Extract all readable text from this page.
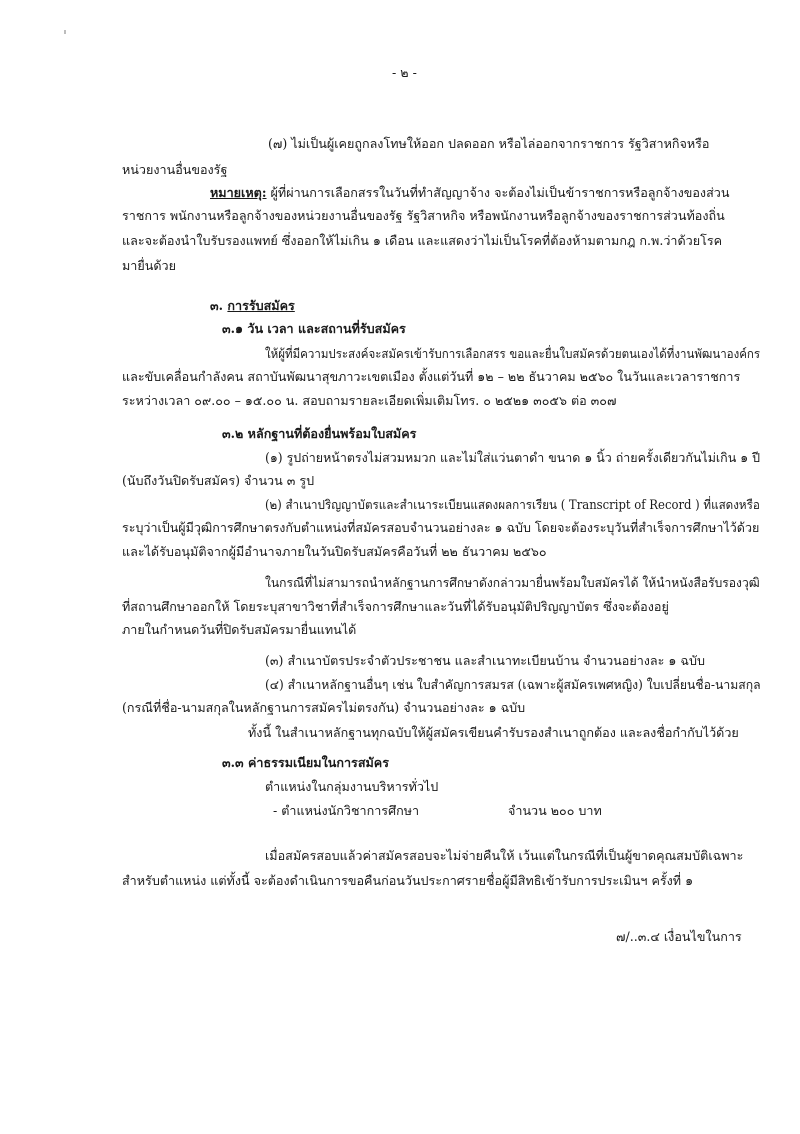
- ๒ -
(๗) ไม่เป็นผู้เคยถูกลงโทษให้ออก ปลดออก หรือไล่ออกจากราชการ รัฐวิสาหกิจหรือ
หน่วยงานอื่นของรัฐ
หมายเหตุ: ผู้ที่ผ่านการเลือกสรรในวันที่ทำสัญญาจ้าง จะต้องไม่เป็นข้าราชการหรือลูกจ้างของส่วน
ราชการ พนักงานหรือลูกจ้างของหน่วยงานอื่นของรัฐ รัฐวิสาหกิจ หรือพนักงานหรือลูกจ้างของราชการส่วนท้องถิ่น
และจะต้องนำใบรับรองแพทย์ ซึ่งออกให้ไม่เกิน ๑ เดือน และแสดงว่าไม่เป็นโรคที่ต้องห้ามตามกฎ ก.พ.ว่าด้วยโรค
มายื่นด้วย
๓. การรับสมัคร
๓.๑ วัน เวลา และสถานที่รับสมัคร
ให้ผู้ที่มีความประสงค์จะสมัครเข้ารับการเลือกสรร ขอและยื่นใบสมัครด้วยตนเองได้ที่งานพัฒนาองค์กร
และขับเคลื่อนกำลังคน สถาบันพัฒนาสุขภาวะเขตเมือง ตั้งแต่วันที่ ๑๒ – ๒๒ ธันวาคม ๒๕๖๐ ในวันและเวลาราชการ
ระหว่างเวลา ๐๙.๐๐ – ๑๕.๐๐ น. สอบถามรายละเอียดเพิ่มเติมโทร. ๐ ๒๕๒๑ ๓๐๕๖ ต่อ ๓๐๗
๓.๒ หลักฐานที่ต้องยื่นพร้อมใบสมัคร
(๑) รูปถ่ายหน้าตรงไม่สวมหมวก และไม่ใส่แว่นตาดำ ขนาด ๑ นิ้ว ถ่ายครั้งเดียวกันไม่เกิน ๑ ปี
(นับถึงวันปิดรับสมัคร) จำนวน ๓ รูป
(๒) สำเนาปริญญาบัตรและสำเนาระเบียนแสดงผลการเรียน ( Transcript of Record ) ที่แสดงหรือ
ระบุว่าเป็นผู้มีวุฒิการศึกษาตรงกับตำแหน่งที่สมัครสอบจำนวนอย่างละ ๑ ฉบับ โดยจะต้องระบุวันที่สำเร็จการศึกษาไว้ด้วย
และได้รับอนุมัติจากผู้มีอำนาจภายในวันปิดรับสมัครคือวันที่ ๒๒ ธันวาคม ๒๕๖๐
ในกรณีที่ไม่สามารถนำหลักฐานการศึกษาดังกล่าวมายื่นพร้อมใบสมัครได้ ให้นำหนังสือรับรองวุฒิ
ที่สถานศึกษาออกให้ โดยระบุสาขาวิชาที่สำเร็จการศึกษาและวันที่ได้รับอนุมัติปริญญาบัตร ซึ่งจะต้องอยู่
ภายในกำหนดวันที่ปิดรับสมัครมายื่นแทนได้
(๓) สำเนาบัตรประจำตัวประชาชน และสำเนาทะเบียนบ้าน จำนวนอย่างละ ๑ ฉบับ
(๔) สำเนาหลักฐานอื่นๆ เช่น ใบสำคัญการสมรส (เฉพาะผู้สมัครเพศหญิง) ใบเปลี่ยนชื่อ-นามสกุล
(กรณีที่ชื่อ-นามสกุลในหลักฐานการสมัครไม่ตรงกัน) จำนวนอย่างละ ๑ ฉบับ
ทั้งนี้ ในสำเนาหลักฐานทุกฉบับให้ผู้สมัครเขียนคำรับรองสำเนาถูกต้อง และลงชื่อกำกับไว้ด้วย
๓.๓ ค่าธรรมเนียมในการสมัคร
ตำแหน่งในกลุ่มงานบริหารทั่วไป
- ตำแหน่งนักวิชาการศึกษา	จำนวน ๒๐๐ บาท
เมื่อสมัครสอบแล้วค่าสมัครสอบจะไม่จ่ายคืนให้ เว้นแต่ในกรณีที่เป็นผู้ขาดคุณสมบัติเฉพาะ
สำหรับตำแหน่ง แต่ทั้งนี้ จะต้องดำเนินการขอคืนก่อนวันประกาศรายชื่อผู้มีสิทธิเข้ารับการประเมินฯ ครั้งที่ ๑
๗/..๓.๔ เงื่อนไขในการ
